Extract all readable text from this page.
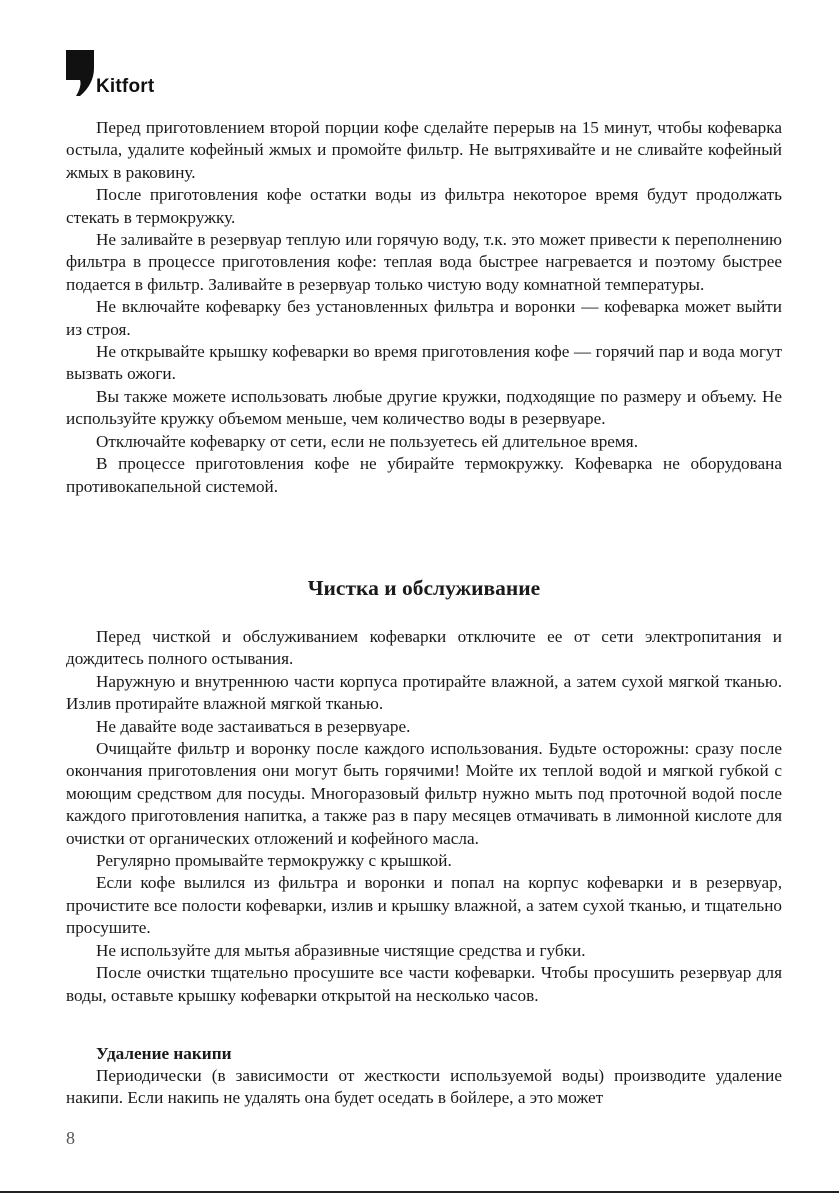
Kitfort

Перед приготовлением второй порции кофе сделайте перерыв на 15 минут, чтобы кофеварка остыла, удалите кофейный жмых и промойте фильтр. Не вытряхивайте и не сливайте кофейный жмых в раковину.

После приготовления кофе остатки воды из фильтра некоторое время будут продолжать стекать в термокружку.

Не заливайте в резервуар теплую или горячую воду, т.к. это может привести к переполнению фильтра в процессе приготовления кофе: теплая вода быстрее нагревается и поэтому быстрее подается в фильтр. Заливайте в резервуар только чистую воду комнатной температуры.

Не включайте кофеварку без установленных фильтра и воронки — кофеварка может выйти из строя.

Не открывайте крышку кофеварки во время приготовления кофе — горячий пар и вода могут вызвать ожоги.

Вы также можете использовать любые другие кружки, подходящие по размеру и объему. Не используйте кружку объемом меньше, чем количество воды в резервуаре.

Отключайте кофеварку от сети, если не пользуетесь ей длительное время.

В процессе приготовления кофе не убирайте термокружку. Кофеварка не оборудована противокапельной системой.

Чистка и обслуживание

Перед чисткой и обслуживанием кофеварки отключите ее от сети электропитания и дождитесь полного остывания.

Наружную и внутреннюю части корпуса протирайте влажной, а затем сухой мягкой тканью. Излив протирайте влажной мягкой тканью.

Не давайте воде застаиваться в резервуаре.

Очищайте фильтр и воронку после каждого использования. Будьте осторожны: сразу после окончания приготовления они могут быть горячими! Мойте их теплой водой и мягкой губкой с моющим средством для посуды. Многоразовый фильтр нужно мыть под проточной водой после каждого приготовления напитка, а также раз в пару месяцев отмачивать в лимонной кислоте для очистки от органических отложений и кофейного масла.

Регулярно промывайте термокружку с крышкой.

Если кофе вылился из фильтра и воронки и попал на корпус кофеварки и в резервуар, прочистите все полости кофеварки, излив и крышку влажной, а затем сухой тканью, и тщательно просушите.

Не используйте для мытья абразивные чистящие средства и губки.

После очистки тщательно просушите все части кофеварки. Чтобы просушить резервуар для воды, оставьте крышку кофеварки открытой на несколько часов.

Удаление накипи

Периодически (в зависимости от жесткости используемой воды) производите удаление накипи. Если накипь не удалять она будет оседать в бойлере, а это может

8
